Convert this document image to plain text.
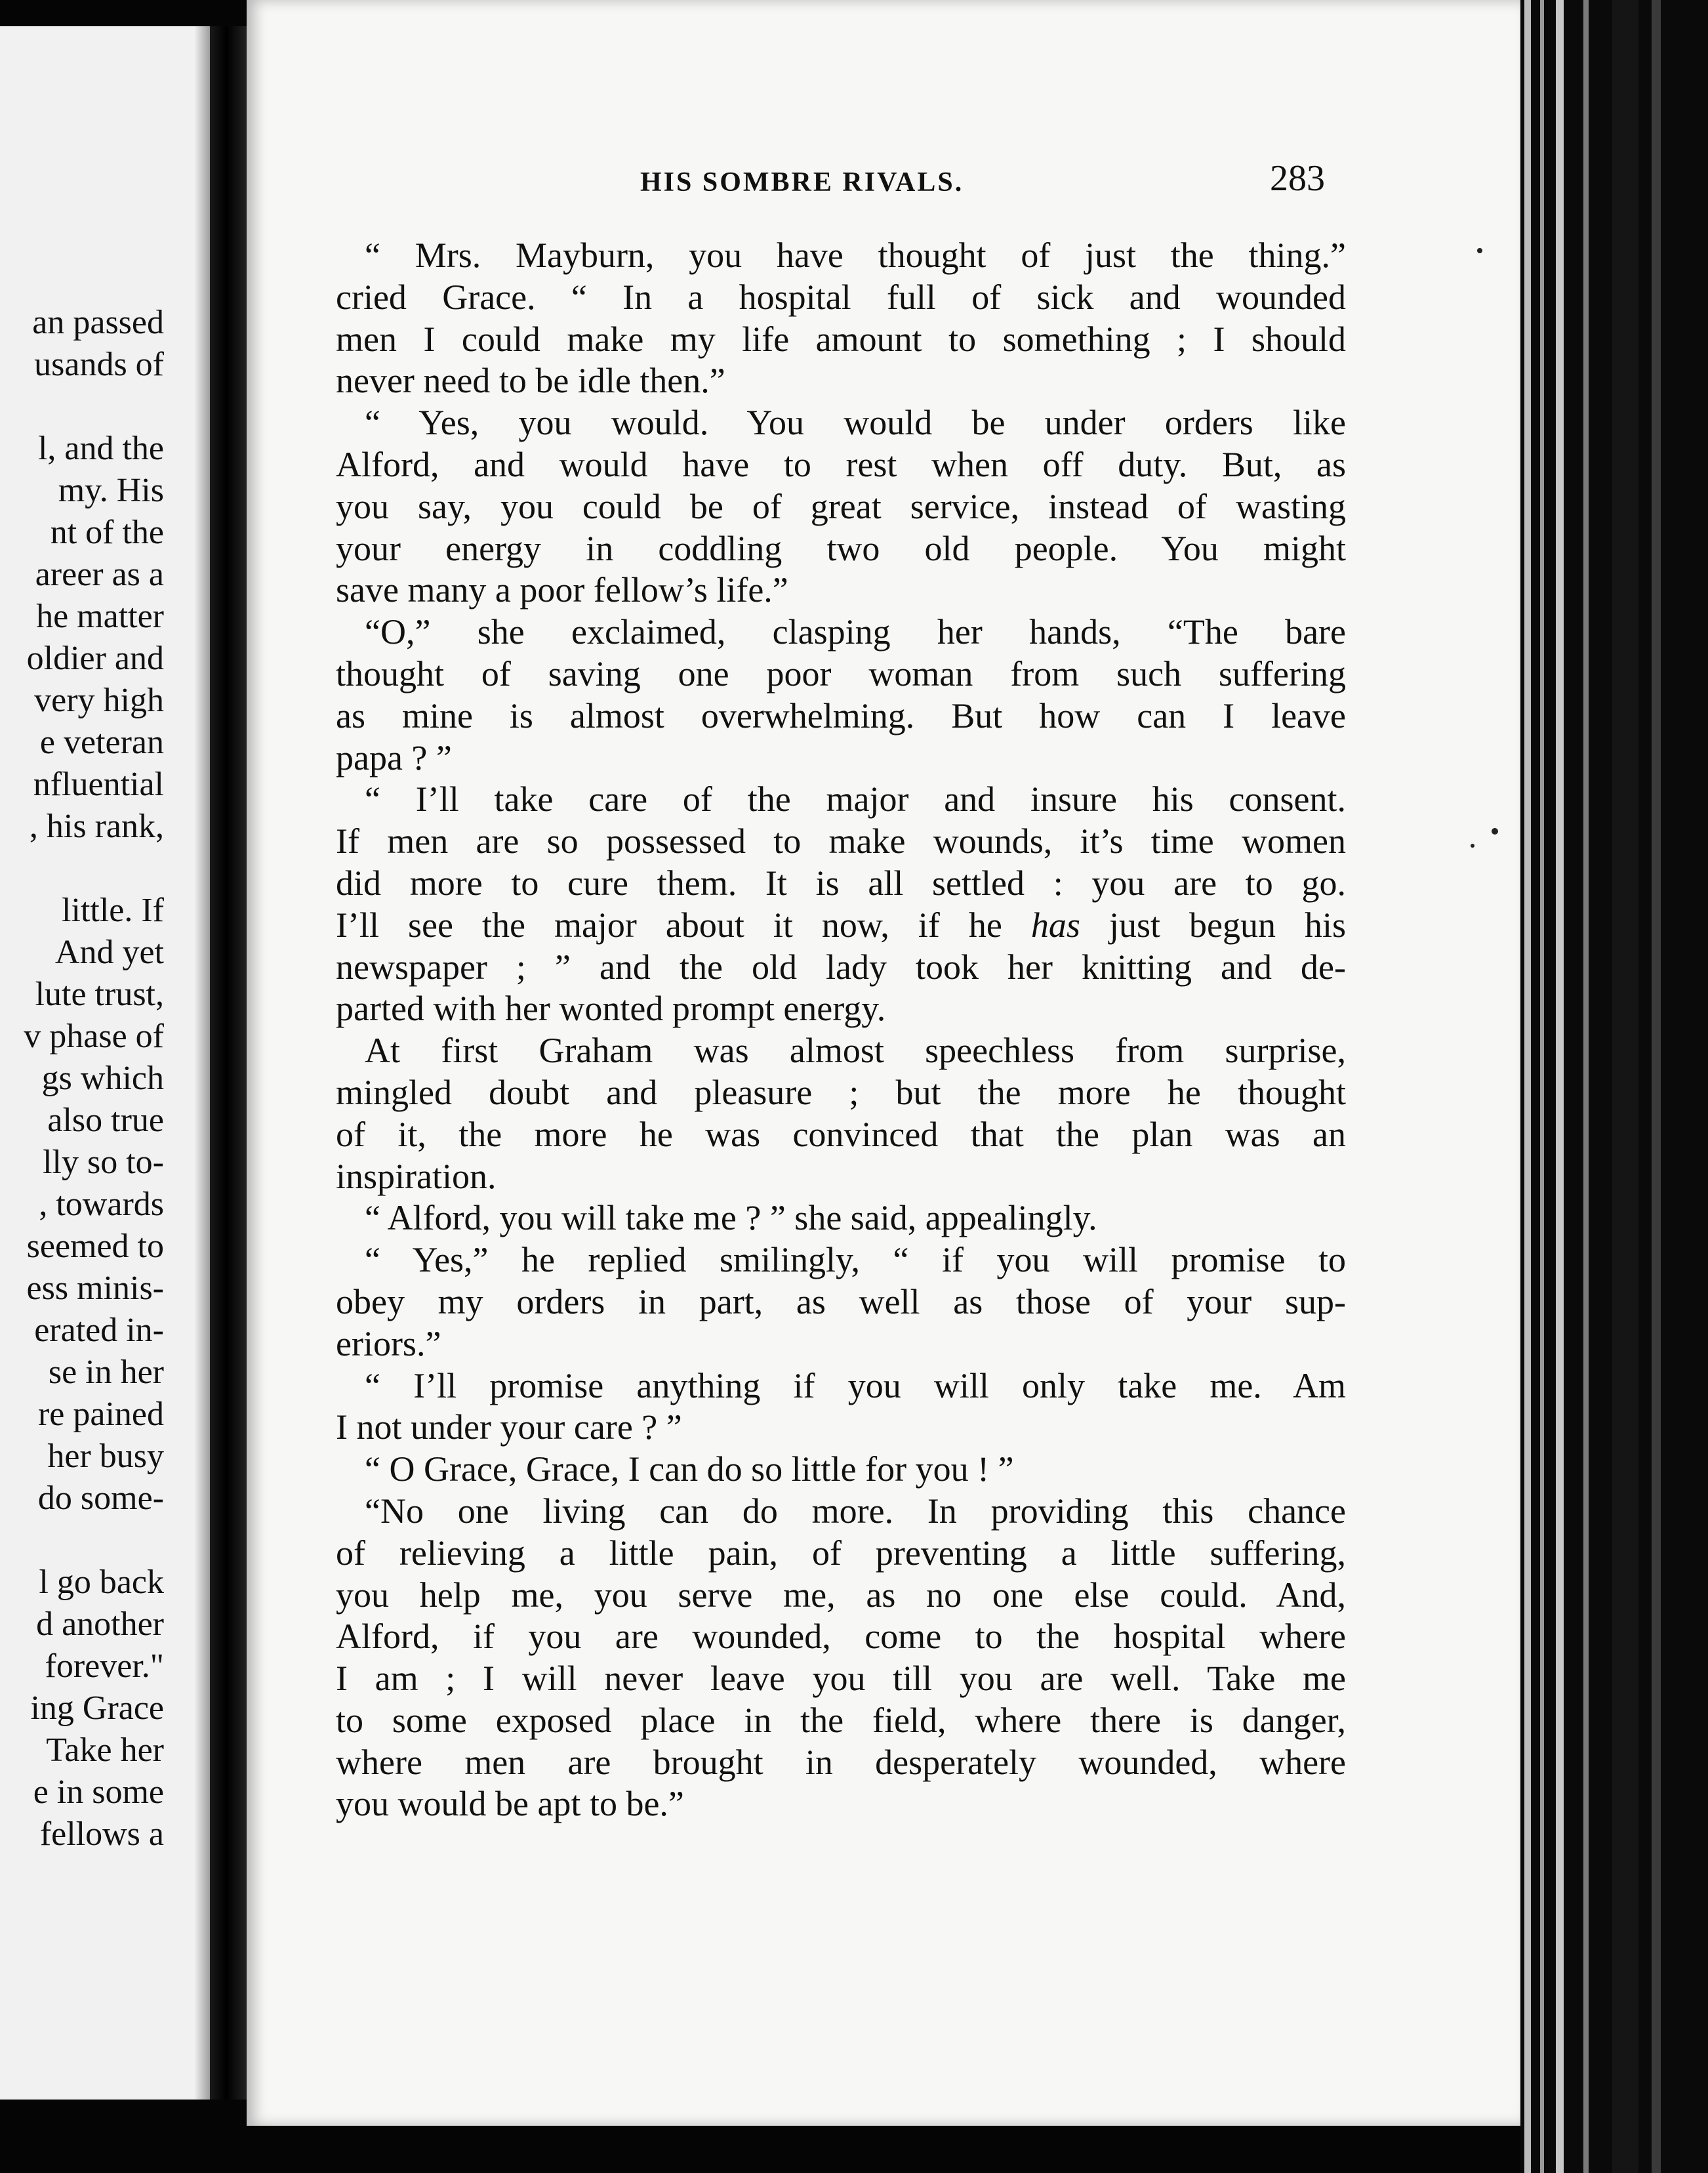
an passed
usands of
l, and the
my. His
nt of the
areer as a
he matter
oldier and
very high
e veteran
nfluential
, his rank,
little. If
And yet
lute trust,
v phase of
gs which
also true
lly so to-
, towards
seemed to
ess minis-
erated in-
se in her
re pained
her busy
do some-
l go back
d another
forever."
ing Grace
Take her
e in some
fellows a
HIS SOMBRE RIVALS.	283
“ Mrs. Mayburn, you have thought of just the thing.”
cried Grace. “ In a hospital full of sick and wounded
men I could make my life amount to something ; I should
never need to be idle then.”
“ Yes, you would. You would be under orders like
Alford, and would have to rest when off duty. But, as
you say, you could be of great service, instead of wasting
your energy in coddling two old people. You might
save many a poor fellow’s life.”
“O,” she exclaimed, clasping her hands, “The bare
thought of saving one poor woman from such suffering
as mine is almost overwhelming. But how can I leave
papa ? ”
“ I’ll take care of the major and insure his consent.
If men are so possessed to make wounds, it’s time women
did more to cure them. It is all settled : you are to go.
I’ll see the major about it now, if he has just begun his
newspaper ; ” and the old lady took her knitting and de-
parted with her wonted prompt energy.
At first Graham was almost speechless from surprise,
mingled doubt and pleasure ; but the more he thought
of it, the more he was convinced that the plan was an
inspiration.
“ Alford, you will take me ? ” she said, appealingly.
“ Yes,” he replied smilingly, “ if you will promise to
obey my orders in part, as well as those of your sup-
eriors.”
“ I’ll promise anything if you will only take me. Am
I not under your care ? ”
“ O Grace, Grace, I can do so little for you ! ”
“No one living can do more. In providing this chance
of relieving a little pain, of preventing a little suffering,
you help me, you serve me, as no one else could. And,
Alford, if you are wounded, come to the hospital where
I am ; I will never leave you till you are well. Take me
to some exposed place in the field, where there is danger,
where men are brought in desperately wounded, where
you would be apt to be.”
